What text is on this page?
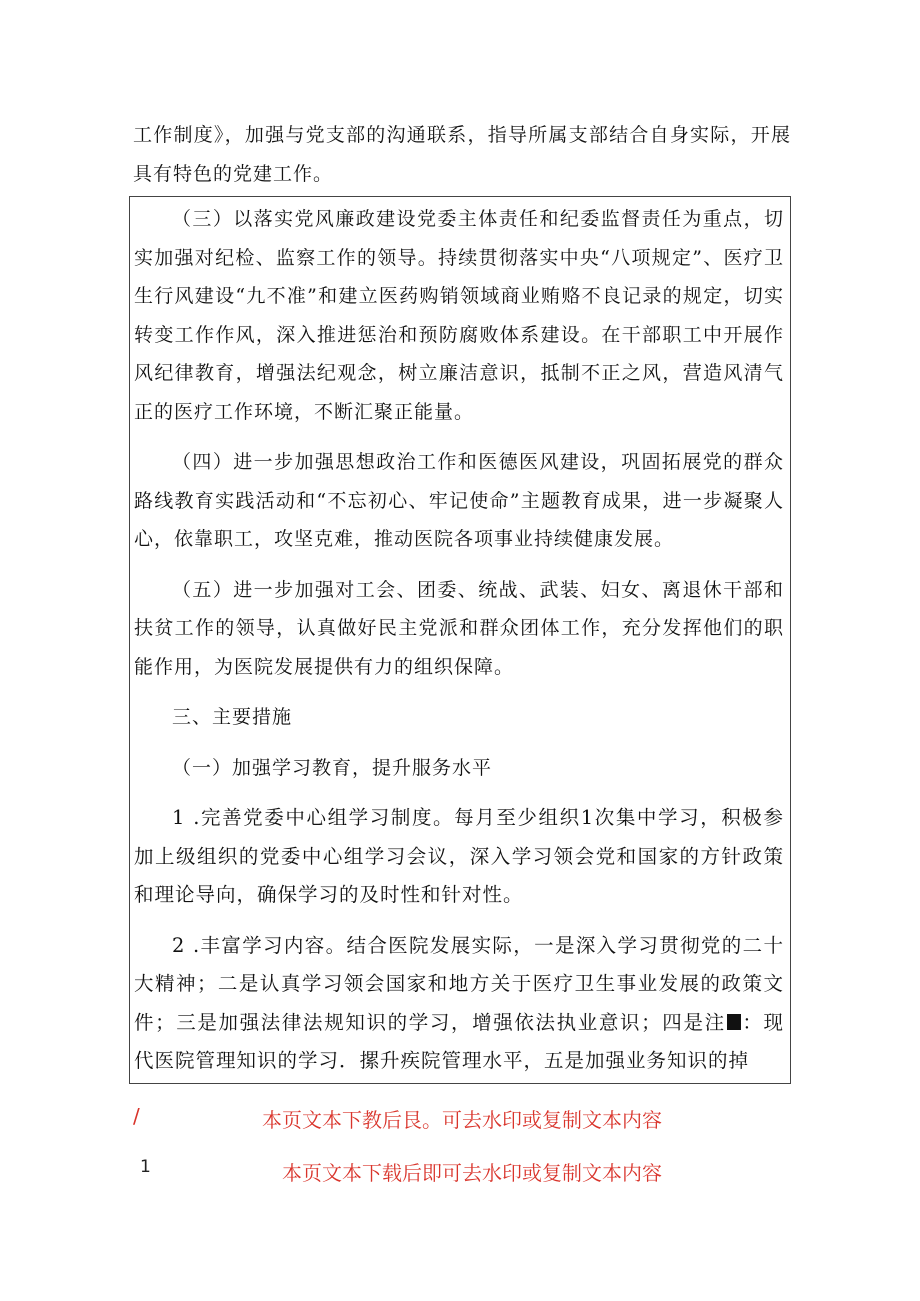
工作制度》，加强与党支部的沟通联系，指导所属支部结合自身实际，开展具有特色的党建工作。

（三）以落实党风廉政建设党委主体责任和纪委监督责任为重点，切实加强对纪检、监察工作的领导。持续贯彻落实中央“八项规定”、医疗卫生行风建设“九不准”和建立医药购销领域商业贿赂不良记录的规定，切实转变工作作风，深入推进惩治和预防腐败体系建设。在干部职工中开展作风纪律教育，增强法纪观念，树立廉洁意识，抵制不正之风，营造风清气正的医疗工作环境，不断汇聚正能量。

（四）进一步加强思想政治工作和医德医风建设，巩固拓展党的群众路线教育实践活动和“不忘初心、牢记使命”主题教育成果，进一步凝聚人心，依靠职工，攻坚克难，推动医院各项事业持续健康发展。

（五）进一步加强对工会、团委、统战、武装、妇女、离退休干部和扶贫工作的领导，认真做好民主党派和群众团体工作，充分发挥他们的职能作用，为医院发展提供有力的组织保障。

三、主要措施

（一）加强学习教育，提升服务水平

1 .完善党委中心组学习制度。每月至少组织1次集中学习，积极参加上级组织的党委中心组学习会议，深入学习领会党和国家的方针政策和理论导向，确保学习的及时性和针对性。

2 .丰富学习内容。结合医院发展实际，一是深入学习贯彻党的二十大精神；二是认真学习领会国家和地方关于医疗卫生事业发展的政策文件；三是加强法律法规知识的学习，增强依法执业意识；四是注 ：现代医院管理知识的学习．摞升疾院管理水平，五是加强业务知识的掉

/	本页文本下教后艮。可去水印或复制文本内容
1	本页文本下载后即可去水印或复制文本内容
